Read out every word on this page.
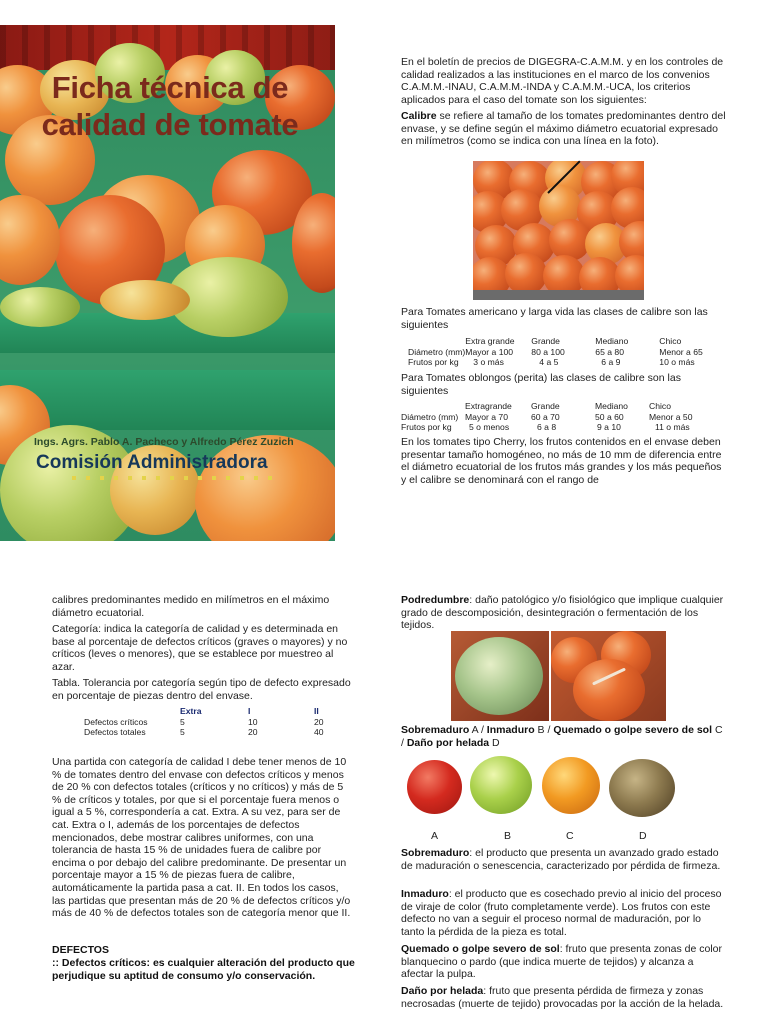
Ficha técnica de calidad de tomate
Ings. Agrs. Pablo A. Pacheco y Alfredo Pérez Zuzich
Comisión Administradora

En el boletín de precios de DIGEGRA-C.A.M.M. y en los controles de calidad realizados a las instituciones en el marco de los convenios C.A.M.M.-INAU, C.A.M.M.-INDA y C.A.M.M.-UCA, los criterios aplicados para el caso del tomate son los siguientes:

Calibre se refiere al tamaño de los tomates predominantes dentro del envase, y se define según el máximo diámetro ecuatorial expresado en milímetros (como se indica con una línea en la foto).

Para Tomates americano y larga vida las clases de calibre son las siguientes

	Extra grande	Grande	Mediano	Chico
Diámetro (mm)	Mayor a 100	80 a 100	65 a 80	Menor a 65
Frutos por kg	3 o más	4 a 5	6 a 9	10 o más

Para Tomates oblongos (perita) las clases de calibre son las siguientes

	Extragrande	Grande	Mediano	Chico
Diámetro (mm)	Mayor a 70	60 a 70	50 a 60	Menor a 50
Frutos por kg	5 o menos	6 a 8	9 a 10	11 o más

En los tomates tipo Cherry, los frutos contenidos en el envase deben presentar tamaño homogéneo, no más de 10 mm de diferencia entre el diámetro ecuatorial de los frutos más grandes y los más pequeños y el calibre se denominará con el rango de

calibres predominantes medido en milímetros en el máximo diámetro ecuatorial.

Categoría: indica la categoría de calidad y es determinada en base al porcentaje de defectos críticos (graves o mayores) y no críticos (leves o menores), que se establece por muestreo al azar.

Tabla. Tolerancia por categoría según tipo de defecto expresado en porcentaje de piezas dentro del envase.

	Extra	I	II
Defectos críticos	5	10	20
Defectos totales	5	20	40

Una partida con categoría de calidad I debe tener menos de 10 % de tomates dentro del envase con defectos críticos y menos de 20 % con defectos totales (críticos y no críticos) y más de 5 % de críticos y totales, por que si el porcentaje fuera menos o igual a 5 %, correspondería a cat. Extra. A su vez, para ser de cat. Extra o I, además de los porcentajes de defectos mencionados, debe mostrar calibres uniformes, con una tolerancia de hasta 15 % de unidades fuera de calibre por encima o por debajo del calibre predominante. De presentar un porcentaje mayor a 15 % de piezas fuera de calibre, automáticamente la partida pasa a cat. II. En todos los casos, las partidas que presentan más de 20 % de defectos críticos y/o más de 40 % de defectos totales son de categoría menor que II.

DEFECTOS

:: Defectos críticos: es cualquier alteración del producto que perjudique su aptitud de consumo y/o conservación.

Podredumbre: daño patológico y/o fisiológico que implique cualquier grado de descomposición, desintegración o fermentación de los tejidos.

Sobremaduro A / Inmaduro B / Quemado o golpe severo de sol C / Daño por helada D

A	B	C	D

Sobremaduro: el producto que presenta un avanzado grado estado de maduración o senescencia, caracterizado por pérdida de firmeza.

Inmaduro: el producto que es cosechado previo al inicio del proceso de viraje de color (fruto completamente verde). Los frutos con este defecto no van a seguir el proceso normal de maduración, por lo tanto la pérdida de la pieza es total.

Quemado o golpe severo de sol: fruto que presenta zonas de color blanquecino o pardo (que indica muerte de tejidos) y alcanza a afectar la pulpa.

Daño por helada: fruto que presenta pérdida de firmeza y zonas necrosadas (muerte de tejido) provocadas por la acción de la helada.
